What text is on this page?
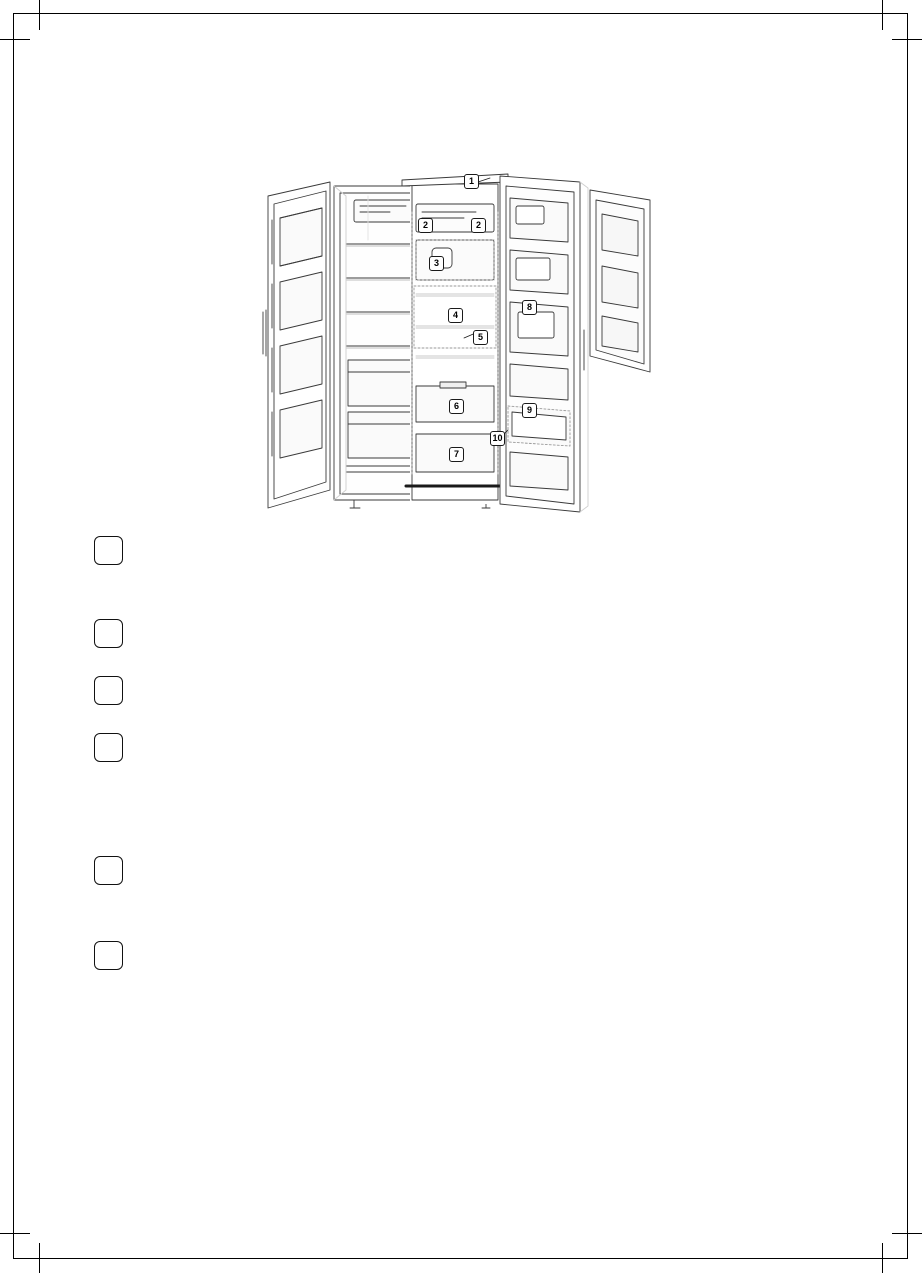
1
2	2
3
4
5
6
7
8
9
10
